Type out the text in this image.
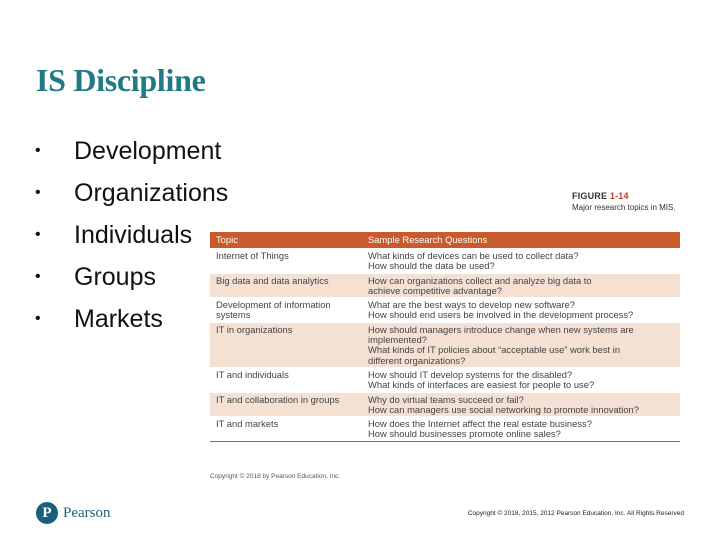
IS Discipline
• Development
• Organizations
• Individuals
• Groups
• Markets
FIGURE 1-14
Major research topics in MIS.
Topic	Sample Research Questions
Internet of Things	What kinds of devices can be used to collect data?
How should the data be used?
Big data and data analytics	How can organizations collect and analyze big data to
achieve competitive advantage?
Development of information
systems	What are the best ways to develop new software?
How should end users be involved in the development process?
IT in organizations	How should managers introduce change when new systems are
implemented?
What kinds of IT policies about “acceptable use” work best in
different organizations?
IT and individuals	How should IT develop systems for the disabled?
What kinds of interfaces are easiest for people to use?
IT and collaboration in groups	Why do virtual teams succeed or fail?
How can managers use social networking to promote innovation?
IT and markets	How does the Internet affect the real estate business?
How should businesses promote online sales?
Copyright © 2018 by Pearson Education, Inc.
P Pearson	Copyright © 2018, 2015, 2012 Pearson Education, Inc. All Rights Reserved
